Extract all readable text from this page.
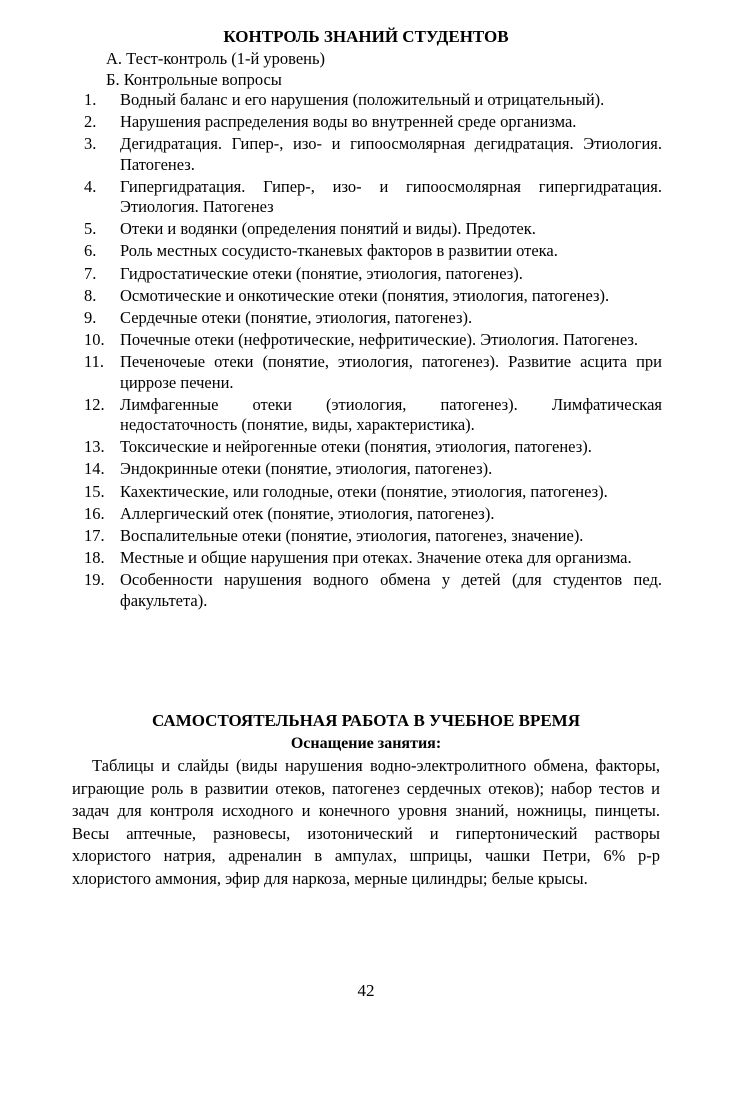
КОНТРОЛЬ ЗНАНИЙ СТУДЕНТОВ
А. Тест-контроль (1-й уровень)
Б. Контрольные вопросы
1. Водный баланс и его нарушения (положительный и отрицательный).
2. Нарушения распределения воды во внутренней среде организма.
3. Дегидратация. Гипер-, изо- и гипоосмолярная дегидратация. Этиология. Патогенез.
4. Гипергидратация. Гипер-, изо- и гипоосмолярная гипергидратация. Этиология. Патогенез
5. Отеки и водянки (определения понятий и виды). Предотек.
6. Роль местных сосудисто-тканевых факторов в развитии отека.
7. Гидростатические отеки (понятие, этиология, патогенез).
8. Осмотические и онкотические отеки (понятия, этиология, патогенез).
9. Сердечные отеки (понятие, этиология, патогенез).
10. Почечные отеки (нефротические, нефритические). Этиология. Патогенез.
11. Печеночеые отеки (понятие, этиология, патогенез). Развитие асцита при циррозе печени.
12. Лимфагенные отеки (этиология, патогенез). Лимфатическая недостаточность (понятие, виды, характеристика).
13. Токсические и нейрогенные отеки (понятия, этиология, патогенез).
14. Эндокринные отеки (понятие, этиология, патогенез).
15. Кахектические, или голодные, отеки (понятие, этиология, патогенез).
16. Аллергический отек (понятие, этиология, патогенез).
17. Воспалительные отеки (понятие, этиология, патогенез, значение).
18. Местные и общие нарушения при отеках. Значение отека для организма.
19. Особенности нарушения водного обмена у детей (для студентов пед. факультета).
САМОСТОЯТЕЛЬНАЯ РАБОТА В УЧЕБНОЕ ВРЕМЯ
Оснащение занятия:
Таблицы и слайды (виды нарушения водно-электролитного обмена, факторы, играющие роль в развитии отеков, патогенез сердечных отеков); набор тестов и задач для контроля исходного и конечного уровня знаний, ножницы, пинцеты. Весы аптечные, разновесы, изотонический и гипертонический растворы хлористого натрия, адреналин в ампулах, шприцы, чашки Петри, 6% р-р хлористого аммония, эфир для наркоза, мерные цилиндры; белые крысы.
42
